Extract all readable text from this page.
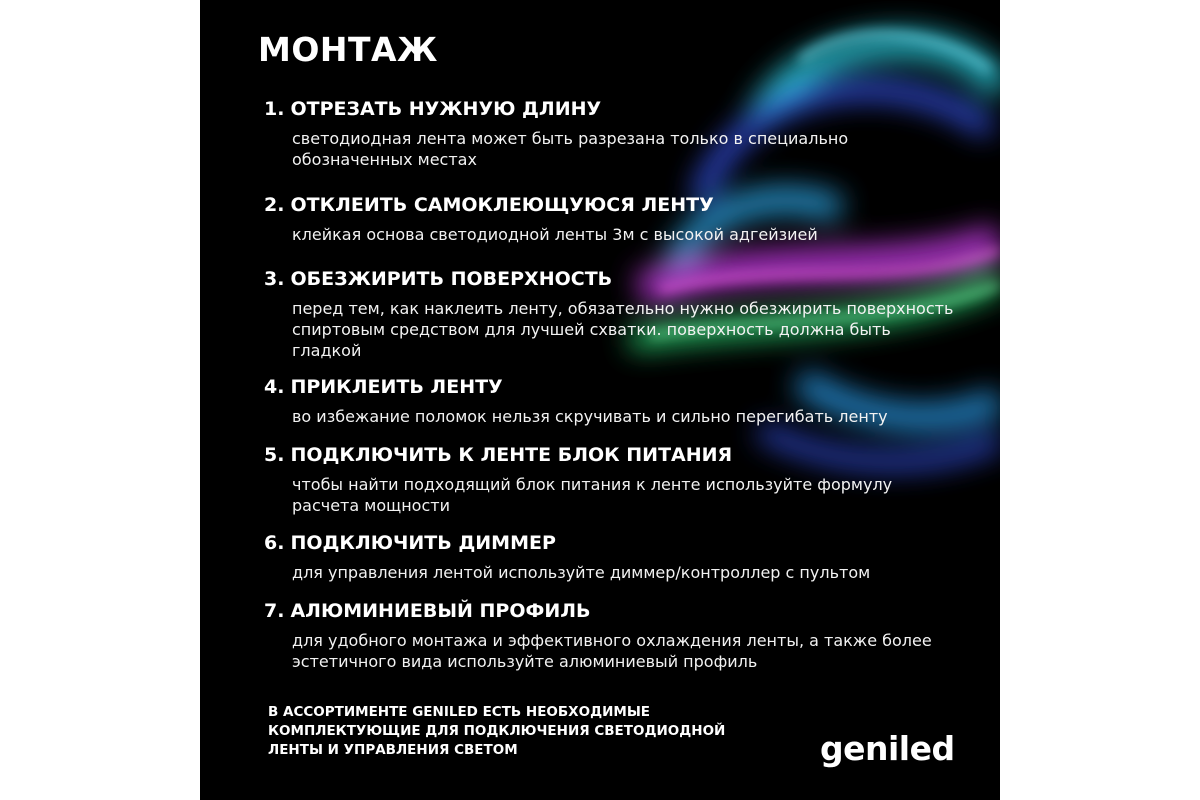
МОНТАЖ
1. ОТРЕЗАТЬ НУЖНУЮ ДЛИНУ
светодиодная лента может быть разрезана только в специально
обозначенных местах
2. ОТКЛЕИТЬ САМОКЛЕЮЩУЮСЯ ЛЕНТУ
клейкая основа светодиодной ленты 3м с высокой адгейзией
3. ОБЕЗЖИРИТЬ ПОВЕРХНОСТЬ
перед тем, как наклеить ленту, обязательно нужно обезжирить поверхность
спиртовым средством для лучшей схватки. поверхность должна быть
гладкой
4. ПРИКЛЕИТЬ ЛЕНТУ
во избежание поломок нельзя скручивать и сильно перегибать ленту
5. ПОДКЛЮЧИТЬ К ЛЕНТЕ БЛОК ПИТАНИЯ
чтобы найти подходящий блок питания к ленте используйте формулу
расчета мощности
6. ПОДКЛЮЧИТЬ ДИММЕР
для управления лентой используйте диммер/контроллер с пультом
7. АЛЮМИНИЕВЫЙ ПРОФИЛЬ
для удобного монтажа и эффективного охлаждения ленты, а также более
эстетичного вида используйте алюминиевый профиль
В АССОРТИМЕНТЕ GENILED ЕСТЬ НЕОБХОДИМЫЕ
КОМПЛЕКТУЮЩИЕ ДЛЯ ПОДКЛЮЧЕНИЯ СВЕТОДИОДНОЙ
ЛЕНТЫ И УПРАВЛЕНИЯ СВЕТОМ	geniled
